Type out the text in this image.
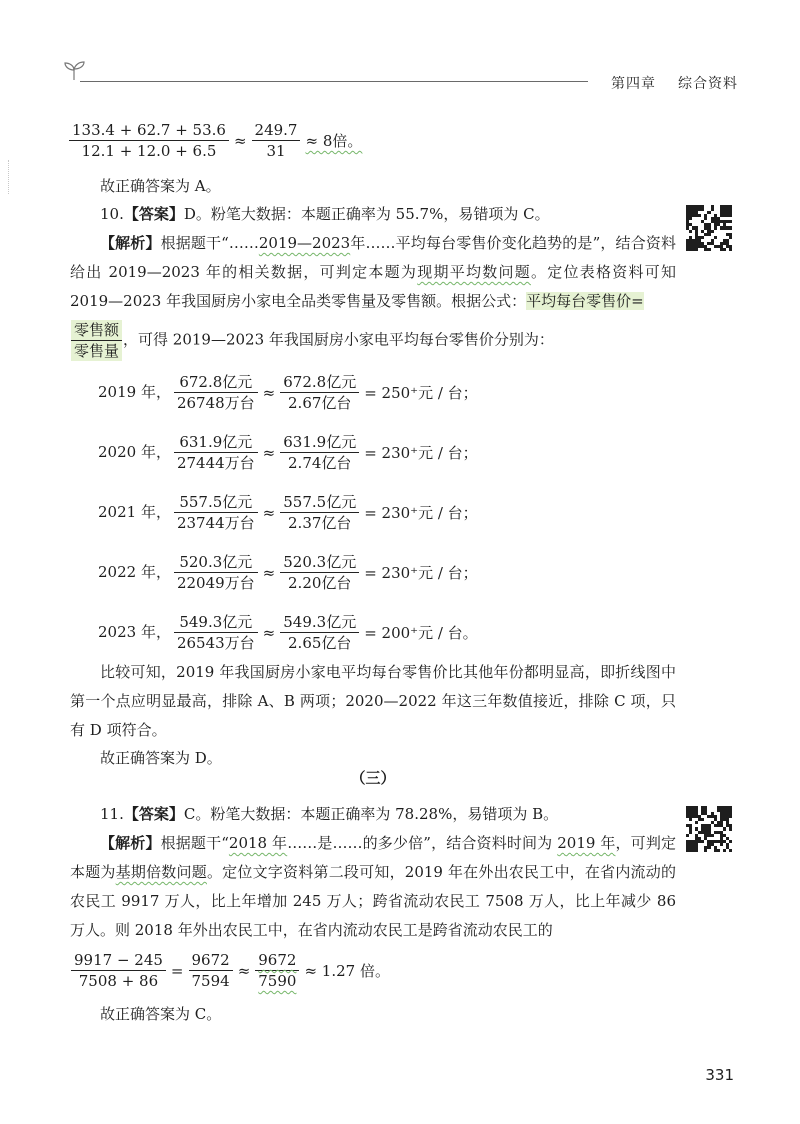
第四章 综合资料
$\frac{133.4 + 62.7 + 53.6}{12.1 + 12.0 + 6.5} \approx \frac{249.7}{31} \approx 8$倍。
故正确答案为 A。
10.【答案】D。粉笔大数据：本题正确率为 55.7%，易错项为 C。
【解析】根据题干“……2019—2023年……平均每台零售价变化趋势的是”，结合资料给出 2019—2023 年的相关数据，可判定本题为现期平均数问题。定位表格资料可知 2019—2023 年我国厨房小家电全品类零售量及零售额。根据公式：平均每台零售价=
$\frac{\text{零售额}}{\text{零售量}}$ ，可得 2019—2023 年我国厨房小家电平均每台零售价分别为：
2019 年， $\frac{\text{672.8亿元}}{\text{26748万台}} \approx \frac{\text{672.8亿元}}{\text{2.67亿台}} = 250^+$元 / 台；
2020 年， $\frac{\text{631.9亿元}}{\text{27444万台}} \approx \frac{\text{631.9亿元}}{\text{2.74亿台}} = 230^+$元 / 台；
2021 年， $\frac{\text{557.5亿元}}{\text{23744万台}} \approx \frac{\text{557.5亿元}}{\text{2.37亿台}} = 230^+$元 / 台；
2022 年， $\frac{\text{520.3亿元}}{\text{22049万台}} \approx \frac{\text{520.3亿元}}{\text{2.20亿台}} = 230^+$元 / 台；
2023 年， $\frac{\text{549.3亿元}}{\text{26543万台}} \approx \frac{\text{549.3亿元}}{\text{2.65亿台}} = 200^+$元 / 台。
比较可知，2019 年我国厨房小家电平均每台零售价比其他年份都明显高，即折线图中第一个点应明显最高，排除 A、B 两项；2020—2022 年这三年数值接近，排除 C 项，只有 D 项符合。
故正确答案为 D。
（三）
11.【答案】C。粉笔大数据：本题正确率为 78.28%，易错项为 B。
【解析】根据题干“2018 年……是……的多少倍”，结合资料时间为 2019 年，可判定本题为基期倍数问题。定位文字资料第二段可知，2019 年在外出农民工中，在省内流动的农民工 9917 万人，比上年增加 245 万人；跨省流动农民工 7508 万人，比上年减少 86 万人。则 2018 年外出农民工中，在省内流动农民工是跨省流动农民工的
$\frac{9917 - 245}{7508 + 86} = \frac{9672}{7594} \approx \frac{9672}{7590} \approx 1.27$ 倍。
故正确答案为 C。
331
